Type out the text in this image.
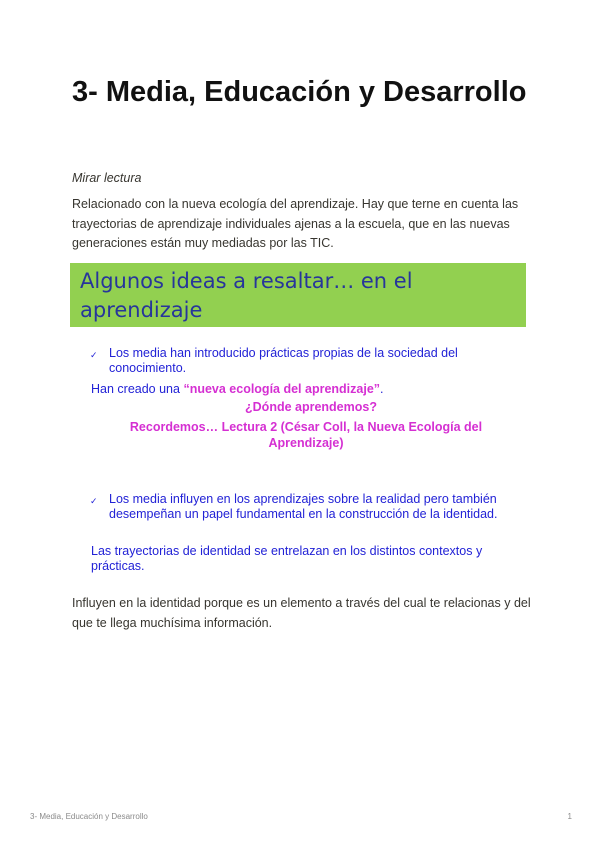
3- Media, Educación y Desarrollo
Mirar lectura

Relacionado con la nueva ecología del aprendizaje. Hay que terne en cuenta las trayectorias de aprendizaje individuales ajenas a la escuela, que en las nuevas generaciones están muy mediadas por las TIC.

Algunos ideas a resaltar… en el aprendizaje
✓ Los media han introducido prácticas propias de la sociedad del conocimiento.

Han creado una “nueva ecología del aprendizaje”.

¿Dónde aprendemos?

Recordemos… Lectura 2 (César Coll, la Nueva Ecología del Aprendizaje)

✓ Los media influyen en los aprendizajes sobre la realidad pero también desempeñan un papel fundamental en la construcción de la identidad.

Las trayectorias de identidad se entrelazan en los distintos contextos y prácticas.

Influyen en la identidad porque es un elemento a través del cual te relacionas y del que te llega muchísima información.

3- Media, Educación y Desarrollo	1
